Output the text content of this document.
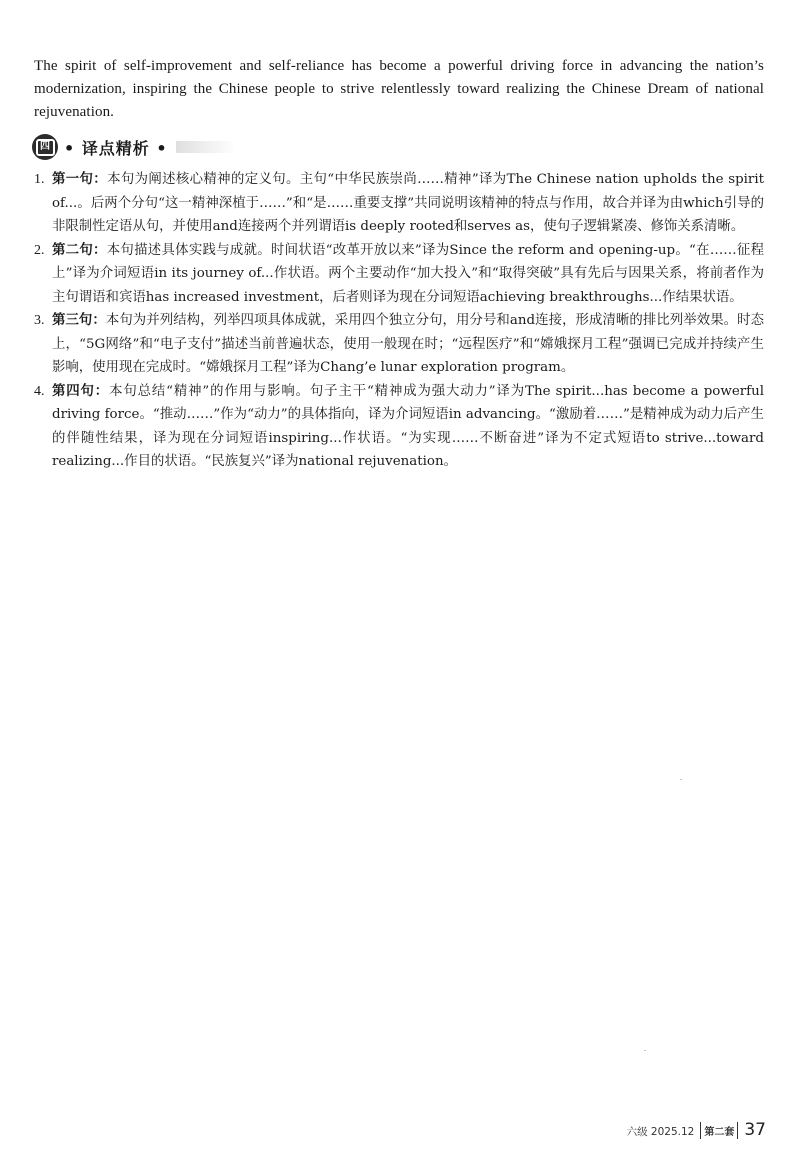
The spirit of self-improvement and self-reliance has become a powerful driving force in advancing the nation’s modernization, inspiring the Chinese people to strive relentlessly toward realizing the Chinese Dream of national rejuvenation.

四 • 译点精析 •
1. 第一句：本句为阐述核心精神的定义句。主句“中华民族崇尚……精神”译为The Chinese nation upholds the spirit of...。后两个分句“这一精神深植于……”和“是……重要支撑”共同说明该精神的特点与作用，故合并译为由which引导的非限制性定语从句，并使用and连接两个并列谓语is deeply rooted和serves as，使句子逻辑紧凑、修饰关系清晰。
2. 第二句：本句描述具体实践与成就。时间状语“改革开放以来”译为Since the reform and opening-up。“在……征程上”译为介词短语in its journey of...作状语。两个主要动作“加大投入”和“取得突破”具有先后与因果关系，将前者作为主句谓语和宾语has increased investment，后者则译为现在分词短语achieving breakthroughs...作结果状语。
3. 第三句：本句为并列结构，列举四项具体成就，采用四个独立分句，用分号和and连接，形成清晰的排比列举效果。时态上，“5G网络”和“电子支付”描述当前普遍状态，使用一般现在时；“远程医疗”和“嫦娥探月工程”强调已完成并持续产生影响，使用现在完成时。“嫦娥探月工程”译为Chang’e lunar exploration program。
4. 第四句：本句总结“精神”的作用与影响。句子主干“精神成为强大动力”译为The spirit...has become a powerful driving force。“推动……”作为“动力”的具体指向，译为介词短语in advancing。“激励着……”是精神成为动力后产生的伴随性结果，译为现在分词短语inspiring...作状语。“为实现……不断奋进”译为不定式短语to strive...toward realizing...作目的状语。“民族复兴”译为national rejuvenation。
六级 2025.12	第二套 37
